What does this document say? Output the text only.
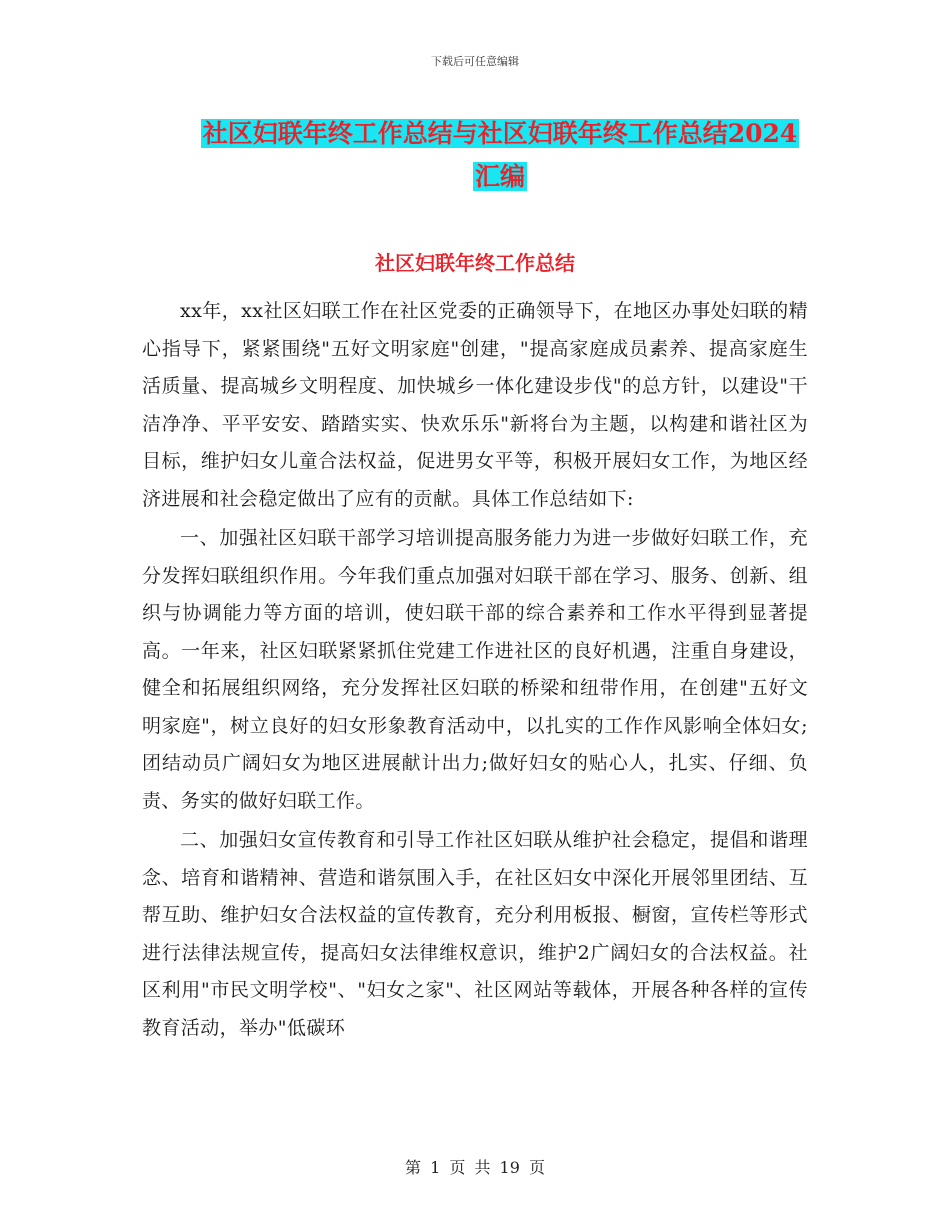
下载后可任意编辑
社区妇联年终工作总结与社区妇联年终工作总结2024
汇编
社区妇联年终工作总结

xx年，xx社区妇联工作在社区党委的正确领导下，在地区办事处妇联的精心指导下，紧紧围绕"五好文明家庭"创建，"提高家庭成员素养、提高家庭生活质量、提高城乡文明程度、加快城乡一体化建设步伐"的总方针，以建设"干洁净净、平平安安、踏踏实实、快欢乐乐"新将台为主题，以构建和谐社区为目标，维护妇女儿童合法权益，促进男女平等，积极开展妇女工作，为地区经济进展和社会稳定做出了应有的贡献。具体工作总结如下:

一、加强社区妇联干部学习培训提高服务能力为进一步做好妇联工作，充分发挥妇联组织作用。今年我们重点加强对妇联干部在学习、服务、创新、组织与协调能力等方面的培训，使妇联干部的综合素养和工作水平得到显著提高。一年来，社区妇联紧紧抓住党建工作进社区的良好机遇，注重自身建设，健全和拓展组织网络，充分发挥社区妇联的桥梁和纽带作用，在创建"五好文明家庭"，树立良好的妇女形象教育活动中，以扎实的工作作风影响全体妇女;团结动员广阔妇女为地区进展献计出力;做好妇女的贴心人，扎实、仔细、负责、务实的做好妇联工作。

二、加强妇女宣传教育和引导工作社区妇联从维护社会稳定，提倡和谐理念、培育和谐精神、营造和谐氛围入手，在社区妇女中深化开展邻里团结、互帮互助、维护妇女合法权益的宣传教育，充分利用板报、橱窗，宣传栏等形式进行法律法规宣传，提高妇女法律维权意识，维护2广阔妇女的合法权益。社区利用"市民文明学校"、"妇女之家"、社区网站等载体，开展各种各样的宣传教育活动，举办"低碳环

第 1 页 共 19 页
